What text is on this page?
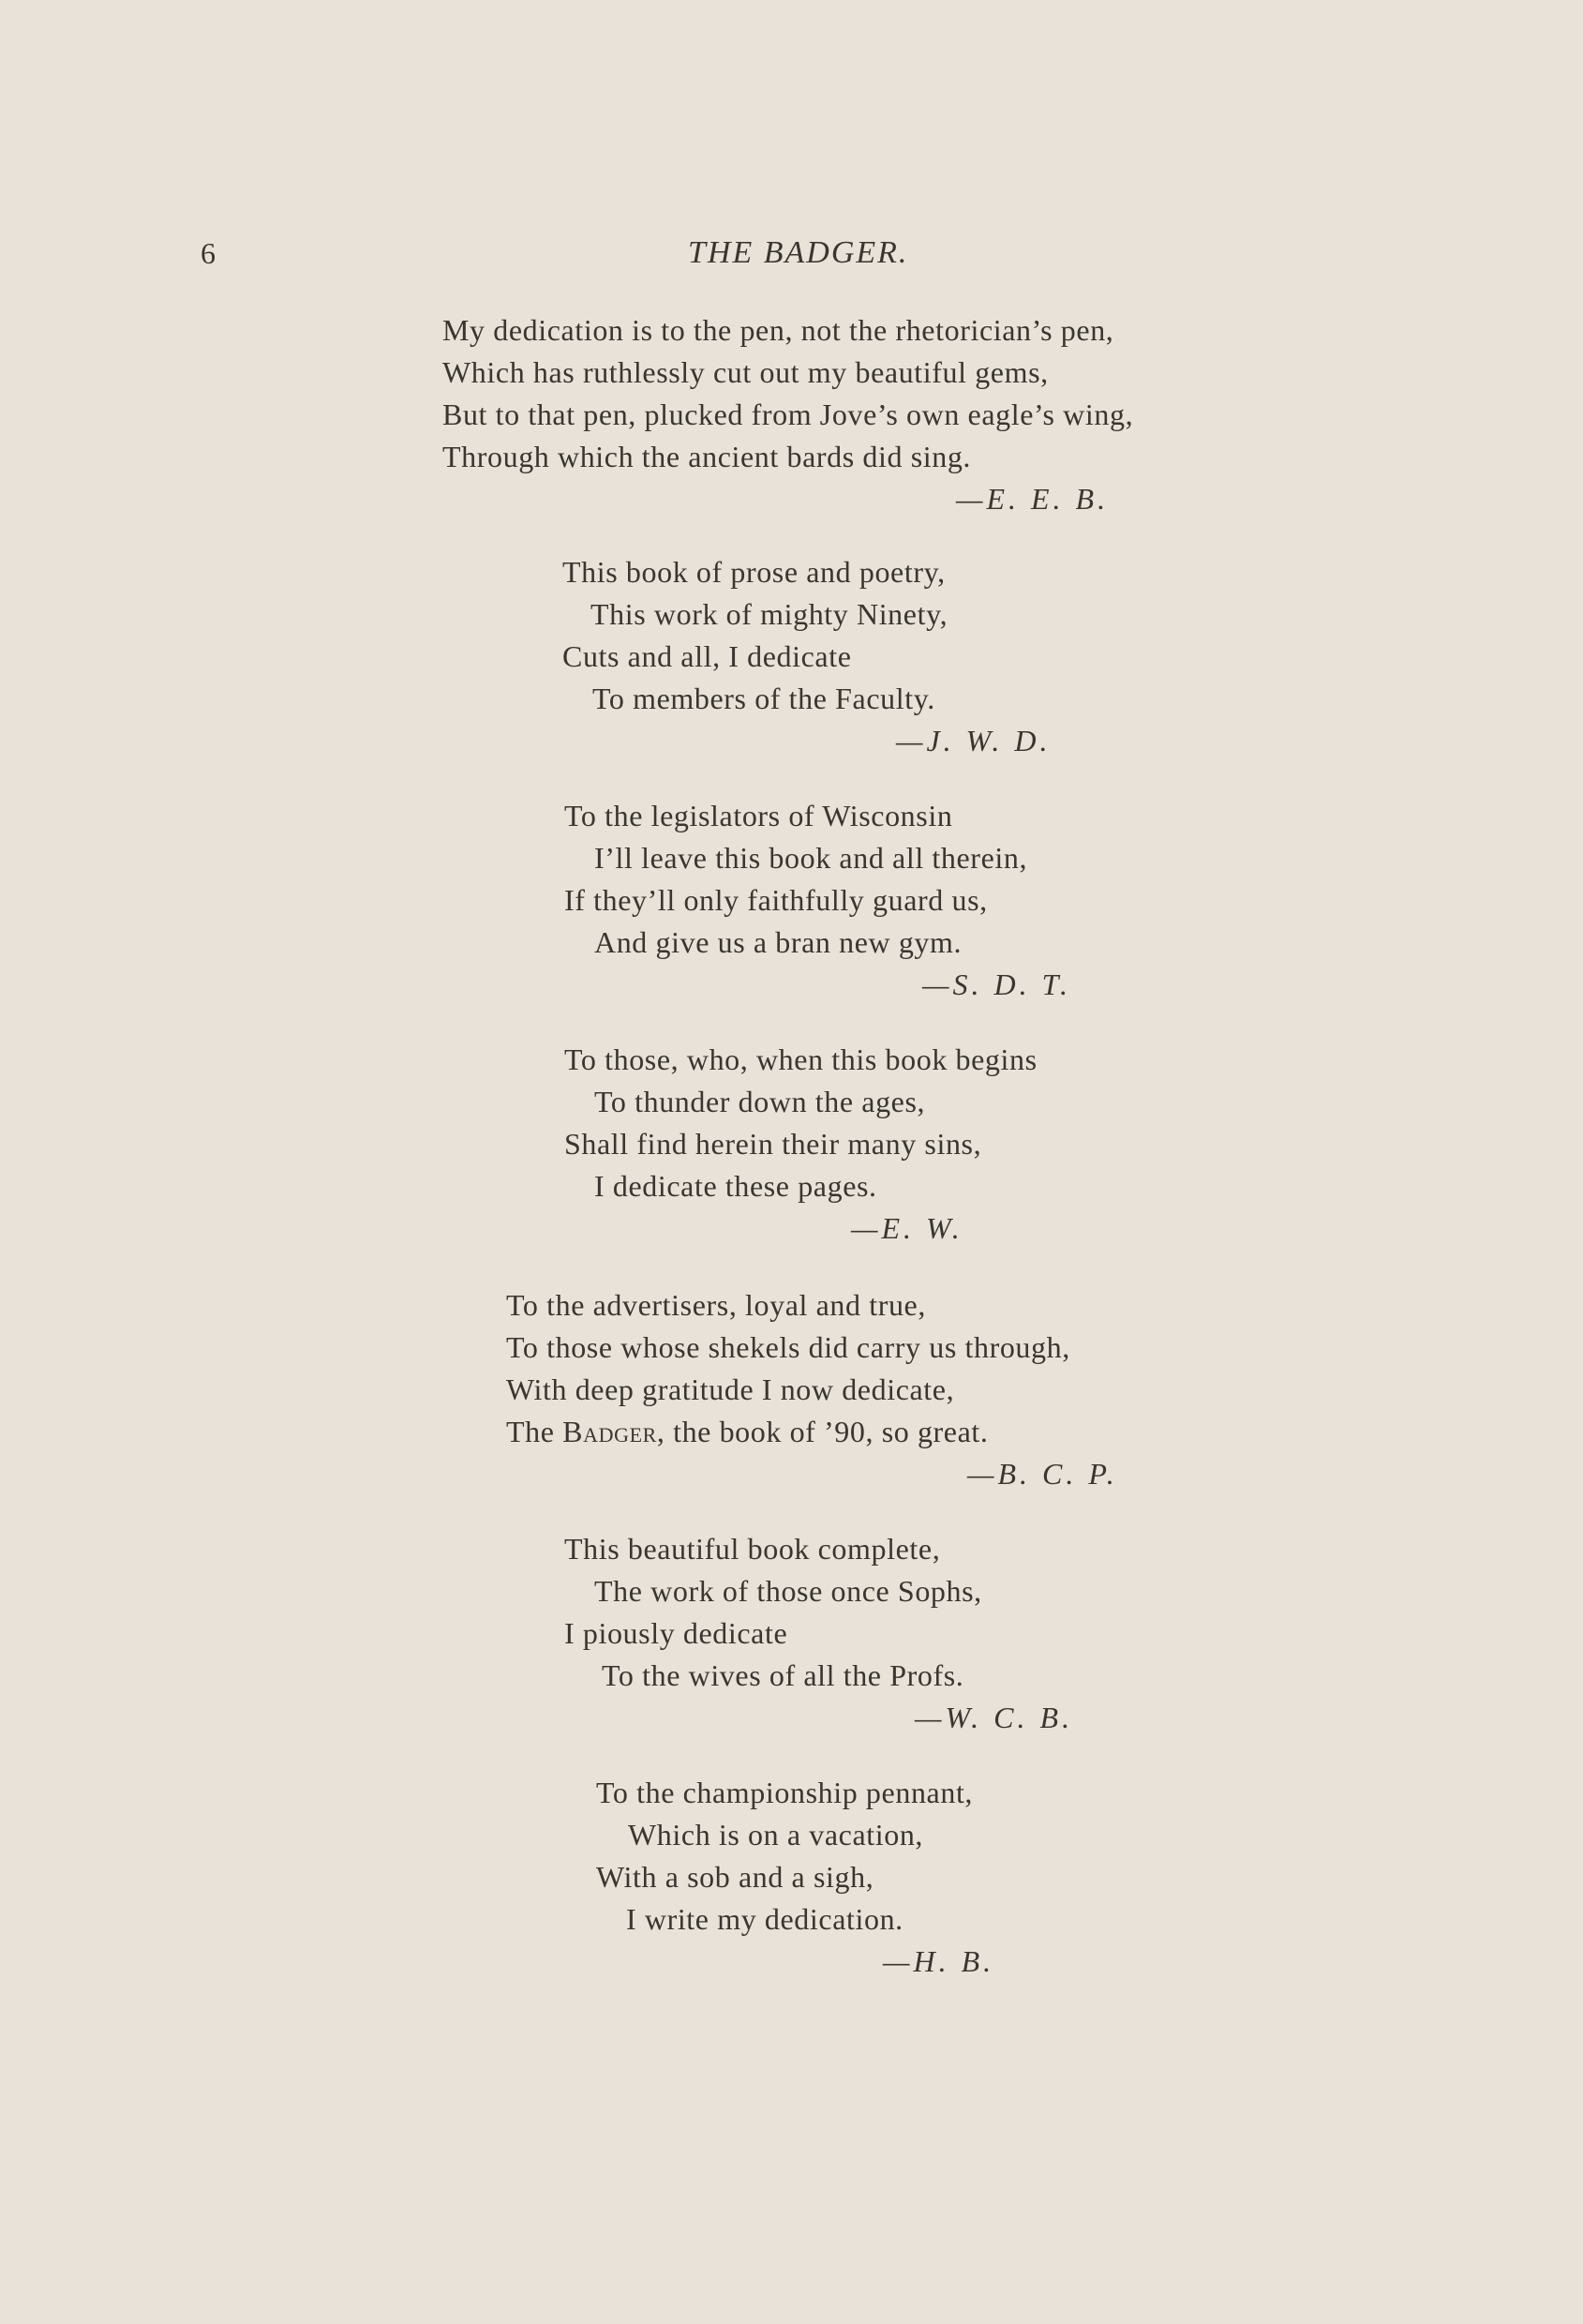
6	THE BADGER.
My dedication is to the pen, not the rhetorician’s pen,
Which has ruthlessly cut out my beautiful gems,
But to that pen, plucked from Jove’s own eagle’s wing,
Through which the ancient bards did sing.
—E. E. B.
This book of prose and poetry,
This work of mighty Ninety,
Cuts and all, I dedicate
To members of the Faculty.
—J. W. D.
To the legislators of Wisconsin
I’ll leave this book and all therein,
If they’ll only faithfully guard us,
And give us a bran new gym.
—S. D. T.
To those, who, when this book begins
To thunder down the ages,
Shall find herein their many sins,
I dedicate these pages.
—E. W.
To the advertisers, loyal and true,
To those whose shekels did carry us through,
With deep gratitude I now dedicate,
The Badger, the book of ’90, so great.
—B. C. P.
This beautiful book complete,
The work of those once Sophs,
I piously dedicate
To the wives of all the Profs.
—W. C. B.
To the championship pennant,
Which is on a vacation,
With a sob and a sigh,
I write my dedication.
—H. B.
